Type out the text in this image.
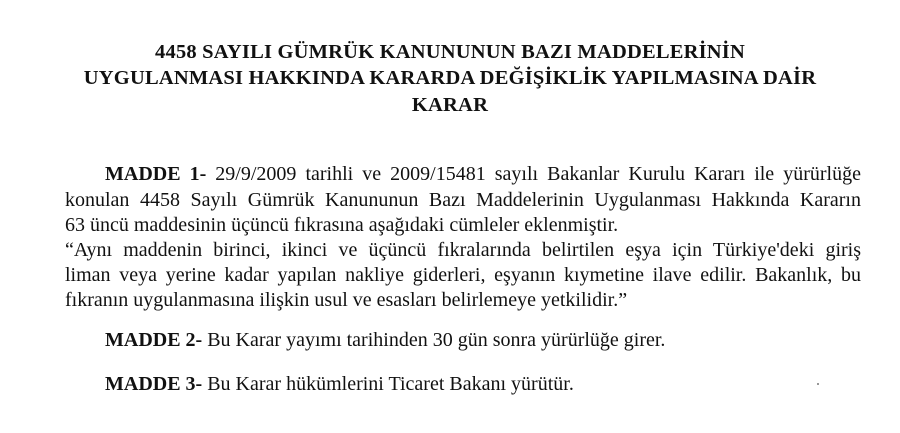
4458 SAYILI GÜMRÜK KANUNUNUN BAZI MADDELERİNİN
UYGULANMASI HAKKINDA KARARDA DEĞİŞİKLİK YAPILMASINA DAİR
KARAR
MADDE 1- 29/9/2009 tarihli ve 2009/15481 sayılı Bakanlar Kurulu Kararı ile yürürlüğe
konulan 4458 Sayılı Gümrük Kanununun Bazı Maddelerinin Uygulanması Hakkında Kararın
63 üncü maddesinin üçüncü fıkrasına aşağıdaki cümleler eklenmiştir.
“Aynı maddenin birinci, ikinci ve üçüncü fıkralarında belirtilen eşya için Türkiye'deki giriş
liman veya yerine kadar yapılan nakliye giderleri, eşyanın kıymetine ilave edilir. Bakanlık, bu
fıkranın uygulanmasına ilişkin usul ve esasları belirlemeye yetkilidir.”
MADDE 2- Bu Karar yayımı tarihinden 30 gün sonra yürürlüğe girer.
MADDE 3- Bu Karar hükümlerini Ticaret Bakanı yürütür.
